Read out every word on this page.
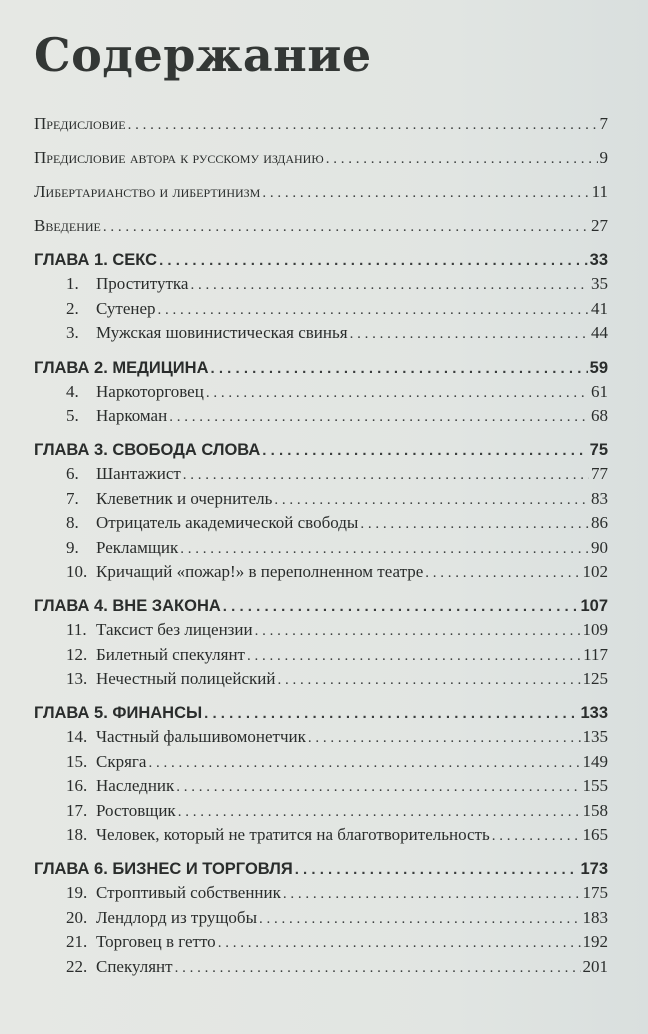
Содержание
Предисловие . . .	7
Предисловие автора к русскому изданию . . .	9
Либертарианство и либертинизм . . .	11
Введение . . .	27
ГЛАВА 1. СЕКС . . .	33
1. Проститутка . . .	35
2. Сутенер . . .	41
3. Мужская шовинистическая свинья . . .	44
ГЛАВА 2. МЕДИЦИНА . . .	59
4. Наркоторговец . . .	61
5. Наркоман . . .	68
ГЛАВА 3. СВОБОДА СЛОВА . . .	75
6. Шантажист . . .	77
7. Клеветник и очернитель . . .	83
8. Отрицатель академической свободы . . .	86
9. Рекламщик . . .	90
10. Кричащий «пожар!» в переполненном театре . . .	102
ГЛАВА 4. ВНЕ ЗАКОНА . . .	107
11. Таксист без лицензии . . .	109
12. Билетный спекулянт . . .	117
13. Нечестный полицейский . . .	125
ГЛАВА 5. ФИНАНСЫ . . .	133
14. Частный фальшивомонетчик . . .	135
15. Скряга . . .	149
16. Наследник . . .	155
17. Ростовщик . . .	158
18. Человек, который не тратится на благотворительность . . .	165
ГЛАВА 6. БИЗНЕС И ТОРГОВЛЯ . . .	173
19. Строптивый собственник . . .	175
20. Лендлорд из трущобы . . .	183
21. Торговец в гетто . . .	192
22. Спекулянт . . .	201
